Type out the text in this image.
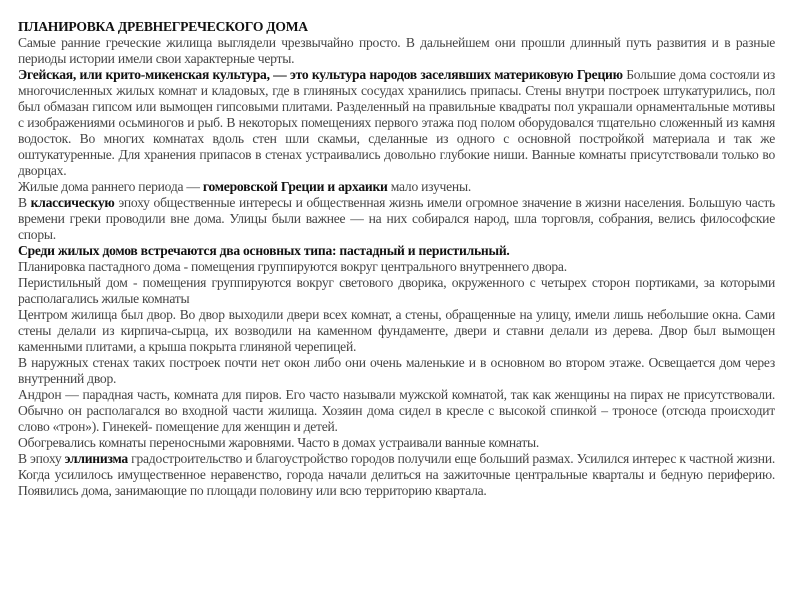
ПЛАНИРОВКА ДРЕВНЕГРЕЧЕСКОГО ДОМА

Самые ранние греческие жилища выглядели чрезвычайно просто. В дальнейшем они прошли длинный путь развития и в разные периоды истории имели свои характерные черты.

Эгейская, или крито-микенская культура, — это культура народов заселявших материковую Грецию Большие дома состояли из многочисленных жилых комнат и кладовых, где в глиняных сосудах хранились припасы. Стены внутри построек штукатурились, пол был обмазан гипсом или вымощен гипсовыми плитами. Разделенный на правильные квадраты пол украшали орнаментальные мотивы с изображениями осьминогов и рыб. В некоторых помещениях первого этажа под полом оборудовался тщательно сложенный из камня водосток. Во многих комнатах вдоль стен шли скамьи, сделанные из одного с основной постройкой материала и так же оштукатуренные. Для хранения припасов в стенах устраивались довольно глубокие ниши. Ванные комнаты присутствовали только во дворцах.

Жилые дома раннего периода — гомеровской Греции и архаики мало изучены.

В классическую эпоху общественные интересы и общественная жизнь имели огромное значение в жизни населения. Большую часть времени греки проводили вне дома. Улицы были важнее — на них собирался народ, шла торговля, собрания, велись философские споры.

Среди жилых домов встречаются два основных типа: пастадный и перистильный.

Планировка пастадного дома - помещения группируются вокруг центрального внутреннего двора.

Перистильный дом - помещения группируются вокруг светового дворика, окруженного с четырех сторон портиками, за которыми располагались жилые комнаты

Центром жилища был двор. Во двор выходили двери всех комнат, а стены, обращенные на улицу, имели лишь небольшие окна. Сами стены делали из кирпича-сырца, их возводили на каменном фундаменте, двери и ставни делали из дерева. Двор был вымощен каменными плитами, а крыша покрыта глиняной черепицей.

В наружных стенах таких построек почти нет окон либо они очень маленькие и в основном во втором этаже. Освещается дом через внутренний двор.

Андрон — парадная часть, комната для пиров. Его часто называли мужской комнатой, так как женщины на пирах не присутствовали. Обычно он располагался во входной части жилища. Хозяин дома сидел в кресле с высокой спинкой – троносе (отсюда происходит слово «трон»). Гинекей- помещение для женщин и детей.

Обогревались комнаты переносными жаровнями. Часто в домах устраивали ванные комнаты.

В эпоху эллинизма градостроительство и благоустройство городов получили еще больший размах. Усилился интерес к частной жизни. Когда усилилось имущественное неравенство, города начали делиться на зажиточные центральные кварталы и бедную периферию. Появились дома, занимающие по площади половину или всю территорию квартала.
